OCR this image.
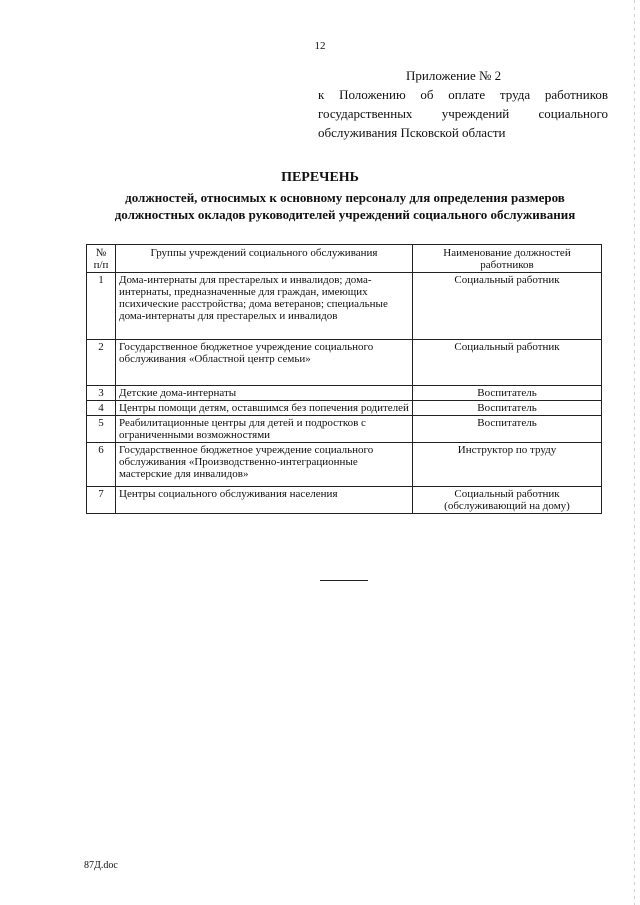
12
Приложение № 2
к Положению об оплате труда работников
государственных учреждений социального
обслуживания Псковской области
ПЕРЕЧЕНЬ
должностей, относимых к основному персоналу для определения размеров должностных окладов руководителей учреждений социального обслуживания
№ п/п	Группы учреждений социального обслуживания	Наименование должностей работников
1	Дома-интернаты для престарелых и инвалидов; дома-интернаты, предназначенные для граждан, имеющих психические расстройства; дома ветеранов; специальные дома-интернаты для престарелых и инвалидов	Социальный работник
2	Государственное бюджетное учреждение социального обслуживания «Областной центр семьи»	Социальный работник
3	Детские дома-интернаты	Воспитатель
4	Центры помощи детям, оставшимся без попечения родителей	Воспитатель
5	Реабилитационные центры для детей и подростков с ограниченными возможностями	Воспитатель
6	Государственное бюджетное учреждение социального обслуживания «Производственно-интеграционные мастерские для инвалидов»	Инструктор по труду
7	Центры социального обслуживания населения	Социальный работник (обслуживающий на дому)
87Д.doc
